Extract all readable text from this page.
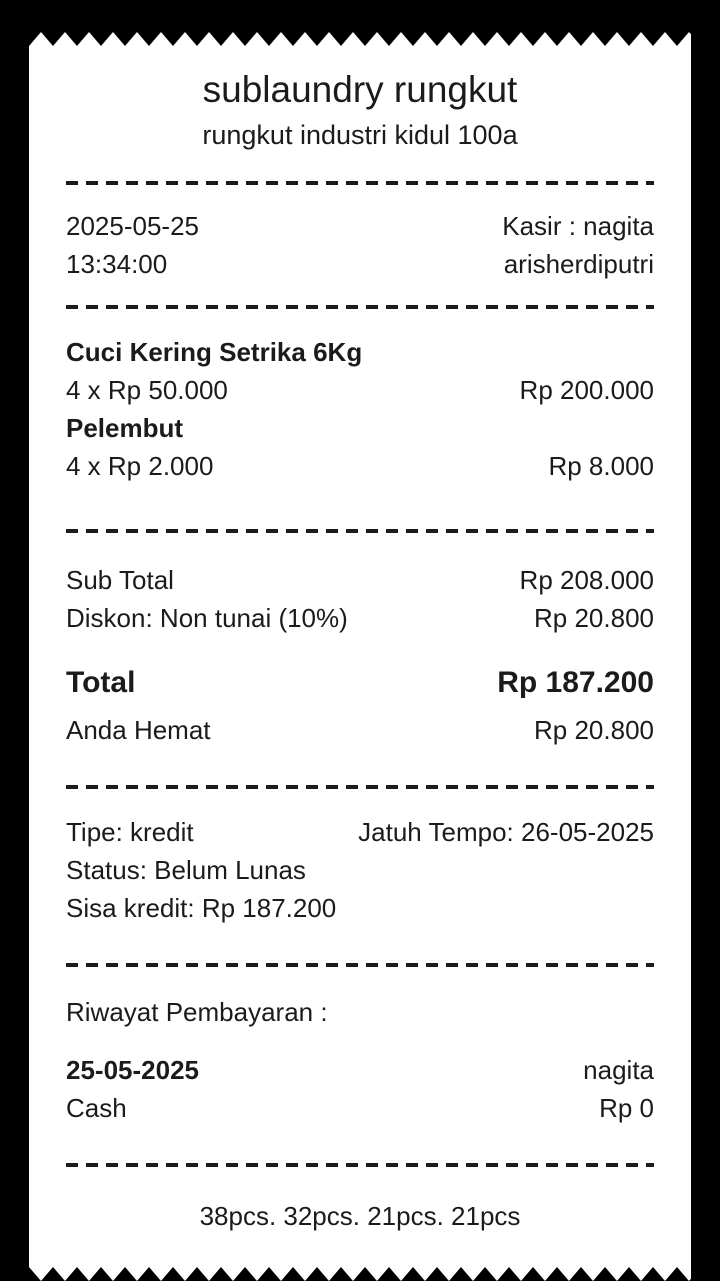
sublaundry rungkut
rungkut industri kidul 100a
2025-05-25	Kasir : nagita
13:34:00	arisherdiputri
Cuci Kering Setrika 6Kg
4 x Rp 50.000	Rp 200.000
Pelembut
4 x Rp 2.000	Rp 8.000
Sub Total	Rp 208.000
Diskon: Non tunai (10%)	Rp 20.800
Total	Rp 187.200
Anda Hemat	Rp 20.800
Tipe: kredit	Jatuh Tempo: 26-05-2025
Status: Belum Lunas
Sisa kredit: Rp 187.200
Riwayat Pembayaran :
25-05-2025	nagita
Cash	Rp 0
38pcs. 32pcs. 21pcs. 21pcs
